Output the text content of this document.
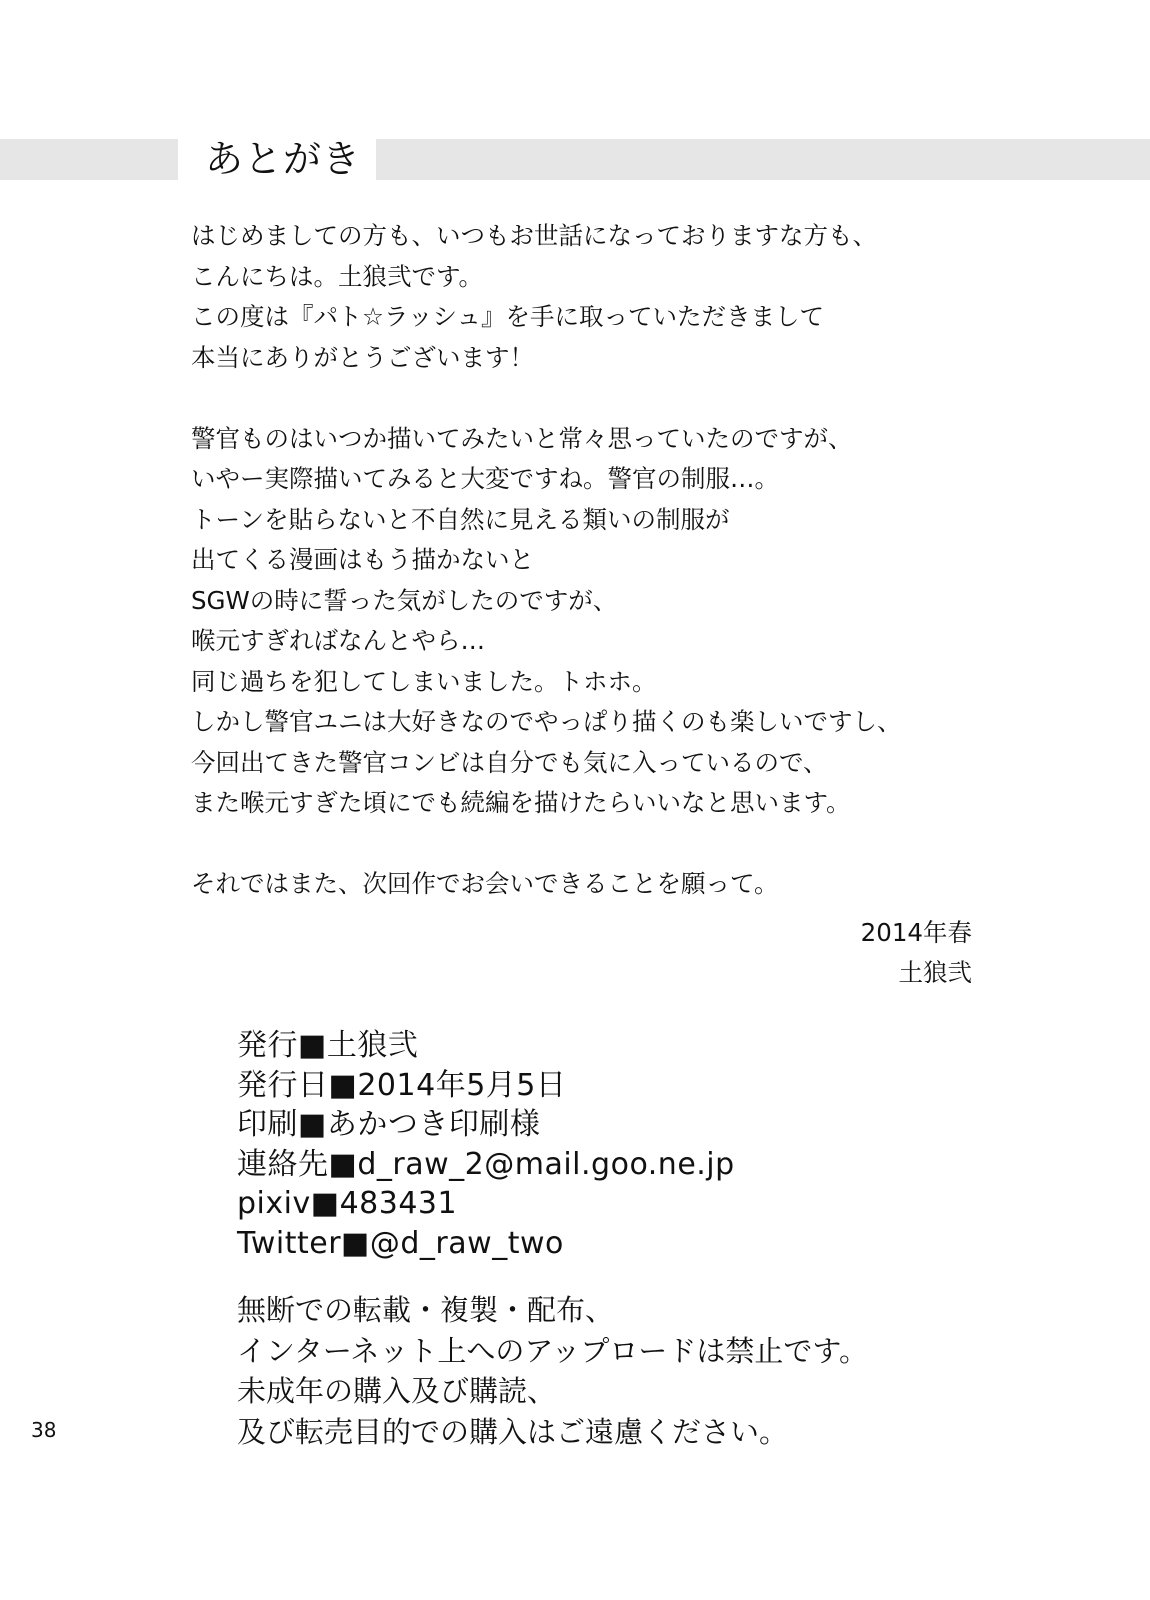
あとがき
はじめましての方も、いつもお世話になっておりますな方も、
こんにちは。土狼弐です。
この度は『パト☆ラッシュ』を手に取っていただきまして
本当にありがとうございます！
警官ものはいつか描いてみたいと常々思っていたのですが、
いやー実際描いてみると大変ですね。警官の制服…。
トーンを貼らないと不自然に見える類いの制服が
出てくる漫画はもう描かないと
SGWの時に誓った気がしたのですが、
喉元すぎればなんとやら…
同じ過ちを犯してしまいました。トホホ。
しかし警官ユニは大好きなのでやっぱり描くのも楽しいですし、
今回出てきた警官コンビは自分でも気に入っているので、
また喉元すぎた頃にでも続編を描けたらいいなと思います。
それではまた、次回作でお会いできることを願って。
2014年春
土狼弐
発行■土狼弐
発行日■2014年5月5日
印刷■あかつき印刷様
連絡先■d_raw_2@mail.goo.ne.jp
pixiv■483431
Twitter■@d_raw_two
無断での転載・複製・配布、
インターネット上へのアップロードは禁止です。
未成年の購入及び購読、
及び転売目的での購入はご遠慮ください。
38
